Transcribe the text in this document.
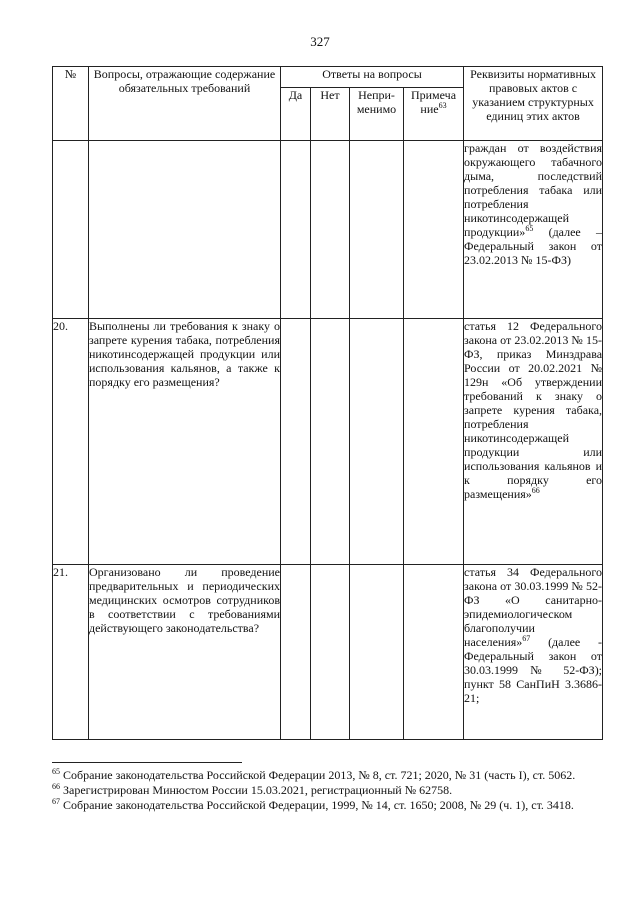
327
№	Вопросы, отражающие содержание обязательных требований	Ответы на вопросы				Реквизиты нормативных правовых актов с указанием структурных единиц этих актов
		Да	Нет	Непри-менимо	Примеча ние$^{63}$
						граждан от воздействия окружающего табачного дыма, последствий потребления табака или потребления никотинсодержащей продукции»$^{65}$ (далее – Федеральный закон от 23.02.2013 № 15-ФЗ)
20.	Выполнены ли требования к знаку о запрете курения табака, потребления никотинсодержащей продукции или использования кальянов, а также к порядку его размещения?					статья 12 Федерального закона от 23.02.2013 № 15-ФЗ, приказ Минздрава России от 20.02.2021 № 129н «Об утверждении требований к знаку о запрете курения табака, потребления никотинсодержащей продукции или использования кальянов и к порядку его размещения»$^{66}$
21.	Организовано ли проведение предварительных и периодических медицинских осмотров сотрудников в соответствии с требованиями действующего законодательства?					статья 34 Федерального закона от 30.03.1999 № 52-ФЗ «О санитарно-эпидемиологическом благополучии населения»$^{67}$ (далее - Федеральный закон от 30.03.1999 № 52-ФЗ); пункт 58 СанПиН 3.3686-21;

$^{65}$ Собрание законодательства Российской Федерации 2013, № 8, ст. 721; 2020, № 31 (часть I), ст. 5062.

$^{66}$ Зарегистрирован Минюстом России 15.03.2021, регистрационный № 62758.

$^{67}$ Собрание законодательства Российской Федерации, 1999, № 14, ст. 1650; 2008, № 29 (ч. 1), ст. 3418.
